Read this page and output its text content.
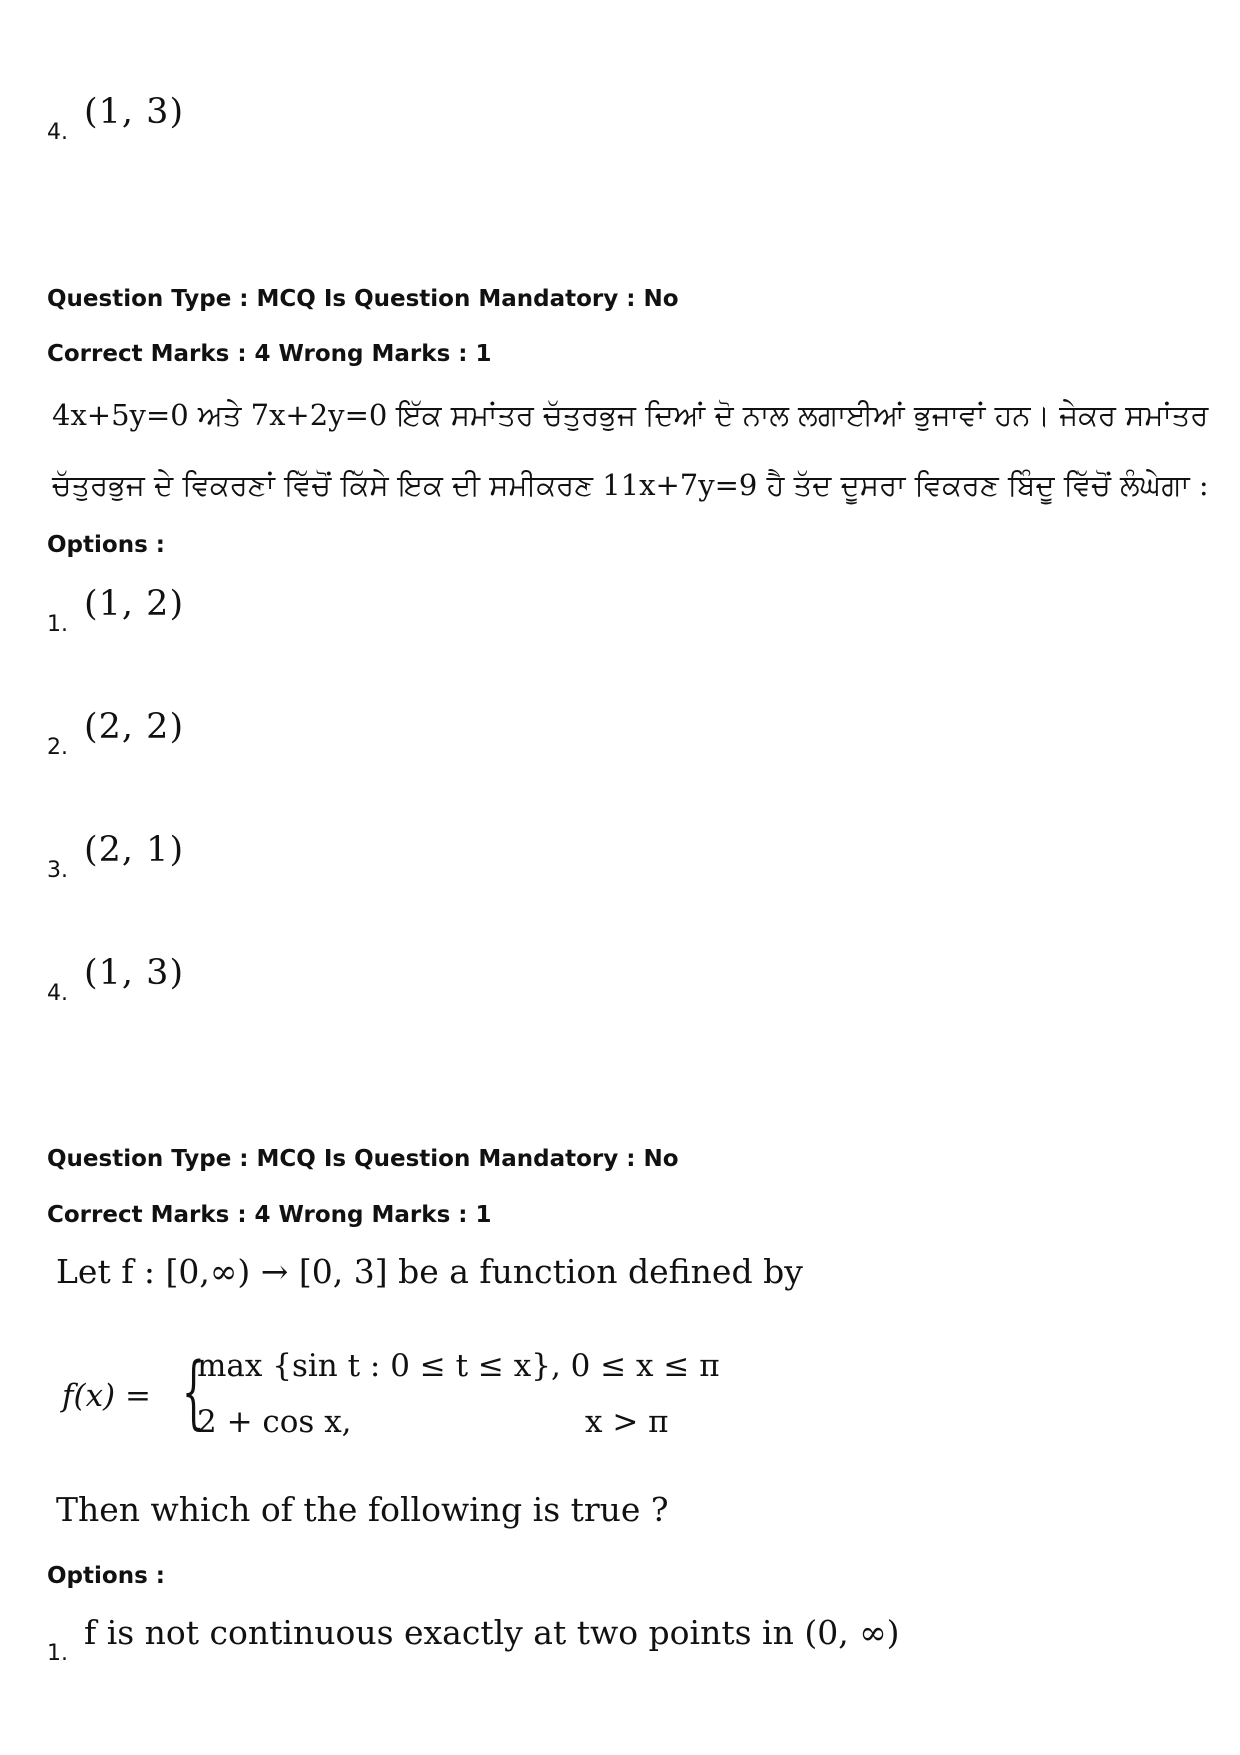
4.
(1, 3)
Question Type : MCQ Is Question Mandatory : No
Correct Marks : 4 Wrong Marks : 1
4x+5y=0 ਅਤੇ 7x+2y=0 ਇੱਕ ਸਮਾਂਤਰ ਚੱਤੁਰਭੁਜ ਦਿਆਂ ਦੋ ਨਾਲ ਲਗਾਈਆਂ ਭੁਜਾਵਾਂ ਹਨ। ਜੇਕਰ ਸਮਾਂਤਰ
ਚੱਤੁਰਭੁਜ ਦੇ ਵਿਕਰਣਾਂ ਵਿੱਚੋਂ ਕਿੱਸੇ ਇਕ ਦੀ ਸਮੀਕਰਣ 11x+7y=9 ਹੈ ਤੱਦ ਦੂਸਰਾ ਵਿਕਰਣ ਬਿੰਦੂ ਵਿੱਚੋਂ ਲੰਘੇਗਾ :
Options :
1.
(1, 2)
2.
(2, 2)
3.
(2, 1)
4.
(1, 3)
Question Type : MCQ Is Question Mandatory : No
Correct Marks : 4 Wrong Marks : 1
Let f : [0,∞) → [0, 3] be a function defined by
f(x) = {
max {sin t : 0 ≤ t ≤ x}, 0 ≤ x ≤ π
2 + cos x,	x > π
Then which of the following is true ?
Options :
1.
f is not continuous exactly at two points in (0, ∞)
